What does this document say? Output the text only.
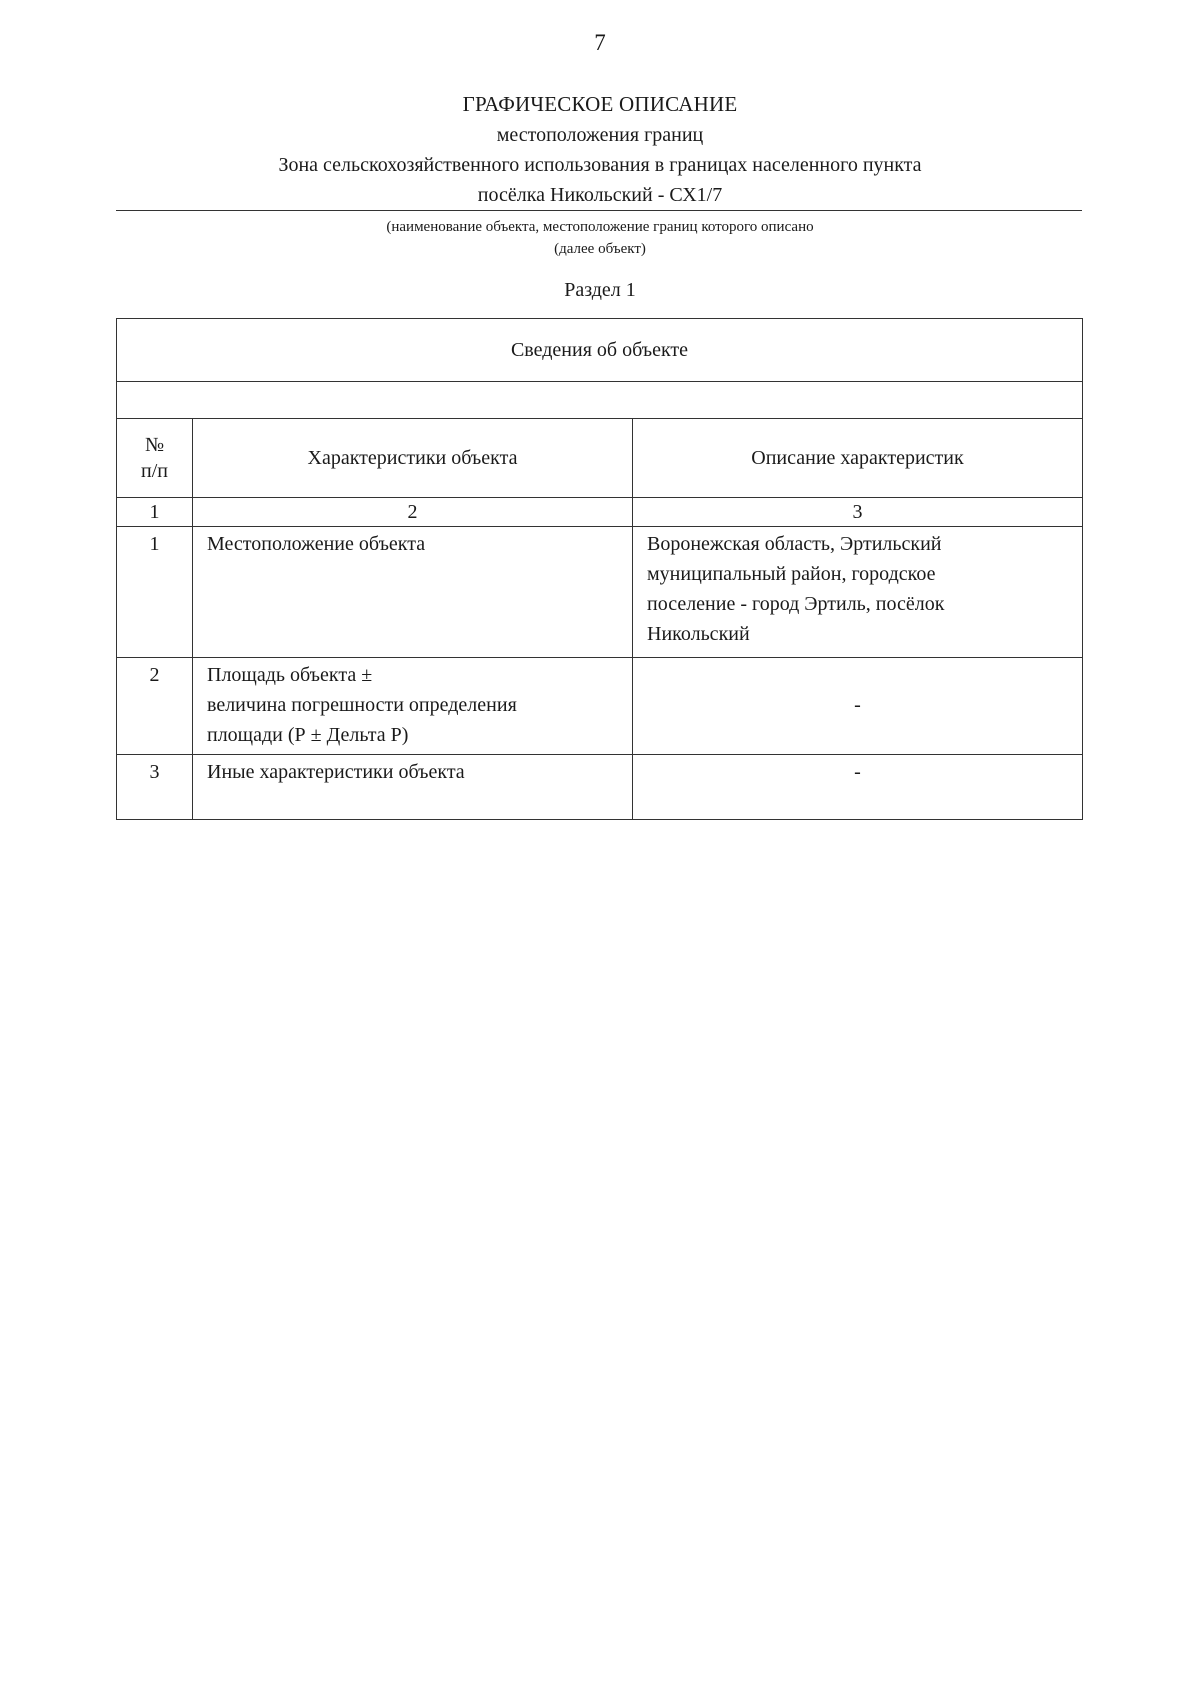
7
ГРАФИЧЕСКОЕ ОПИСАНИЕ
местоположения границ
Зона сельскохозяйственного использования в границах населенного пункта
посёлка Никольский - СХ1/7
(наименование объекта, местоположение границ которого описано
(далее объект)
Раздел 1
Сведения об объекте		

№
п/п	Характеристики объекта	Описание характеристик
1	2	3
1	Местоположение объекта	Воронежская область, Эртильский
муниципальный район, городское
поселение - город Эртиль, посёлок
Никольский
2	Площадь объекта ±
величина погрешности определения
площади (Р ± Дельта Р)	-
3	Иные характеристики объекта	-
